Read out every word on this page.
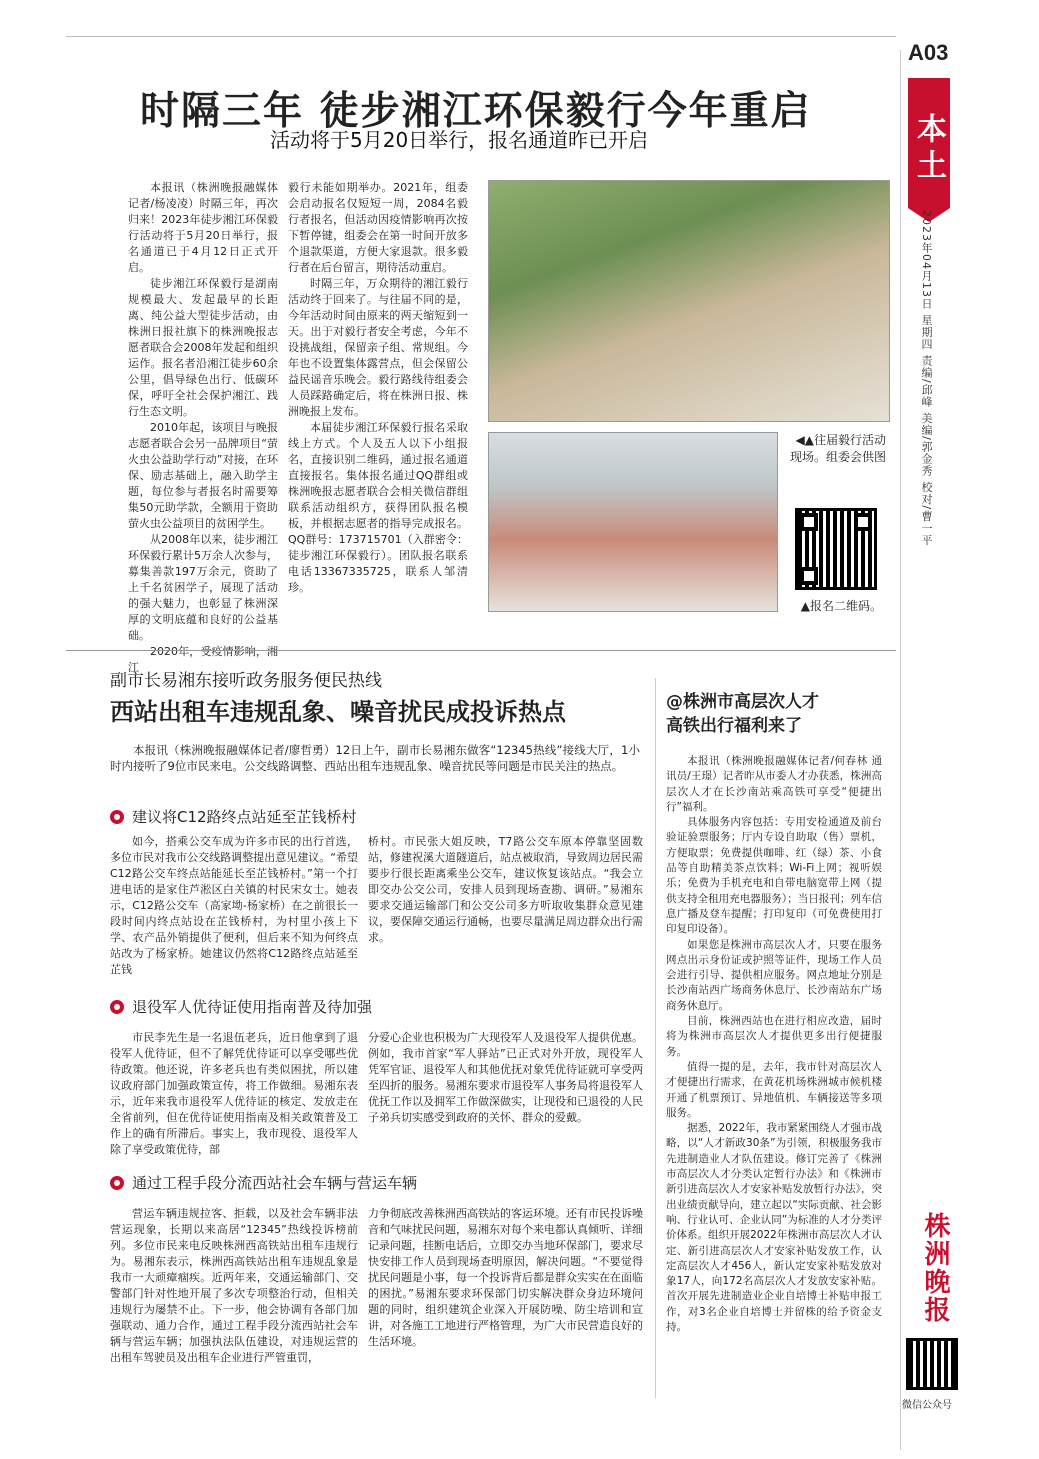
A03
本土
2023年04月13日 星期四 责编/邱峰 美编/郭金秀 校对/曹一平
时隔三年 徒步湘江环保毅行今年重启
活动将于5月20日举行，报名通道昨已开启

本报讯（株洲晚报融媒体记者/杨凌凌）时隔三年，再次归来！2023年徒步湘江环保毅行活动将于5月20日举行，报名通道已于4月12日正式开启。

徒步湘江环保毅行是湖南规模最大、发起最早的长距离、纯公益大型徒步活动，由株洲日报社旗下的株洲晚报志愿者联合会2008年发起和组织运作。报名者沿湘江徒步60余公里，倡导绿色出行、低碳环保，呼吁全社会保护湘江、践行生态文明。

2010年起，该项目与晚报志愿者联合会另一品牌项目“萤火虫公益助学行动”对接，在环保、励志基础上，融入助学主题，每位参与者报名时需要筹集50元助学款，全额用于资助萤火虫公益项目的贫困学生。

从2008年以来，徒步湘江环保毅行累计5万余人次参与，募集善款197万余元，资助了上千名贫困学子，展现了活动的强大魅力，也彰显了株洲深厚的文明底蕴和良好的公益基础。

2020年，受疫情影响，湘江

毅行未能如期举办。2021年，组委会启动报名仅短短一周，2084名毅行者报名，但活动因疫情影响再次按下暂停键，组委会在第一时间开放多个退款渠道，方便大家退款。很多毅行者在后台留言，期待活动重启。

时隔三年，万众期待的湘江毅行活动终于回来了。与往届不同的是，今年活动时间由原来的两天缩短到一天。出于对毅行者安全考虑，今年不设挑战组，保留亲子组、常规组。今年也不设置集体露营点，但会保留公益民谣音乐晚会。毅行路线待组委会人员踩路确定后，将在株洲日报、株洲晚报上发布。

本届徒步湘江环保毅行报名采取线上方式。个人及五人以下小组报名，直接识别二维码，通过报名通道直接报名。集体报名通过QQ群组或株洲晚报志愿者联合会相关微信群组联系活动组织方，获得团队报名模板，并根据志愿者的指导完成报名。QQ群号：173715701（入群密令：徒步湘江环保毅行）。团队报名联系电话13367335725，联系人邹清珍。

◀▲往届毅行活动现场。组委会供图
▲报名二维码。
副市长易湘东接听政务服务便民热线
西站出租车违规乱象、噪音扰民成投诉热点

本报讯（株洲晚报融媒体记者/廖哲勇）12日上午，副市长易湘东做客“12345热线”接线大厅，1小时内接听了9位市民来电。公交线路调整、西站出租车违规乱象、噪音扰民等问题是市民关注的热点。

建议将C12路终点站延至芷钱桥村

如今，搭乘公交车成为许多市民的出行首选，多位市民对我市公交线路调整提出意见建议。“希望C12路公交车终点站能延长至芷钱桥村。”第一个打进电话的是家住芦淞区白关镇的村民宋女士。她表示，C12路公交车（高家坳-杨家桥）在之前很长一段时间内终点站设在芷钱桥村，为村里小孩上下学、农产品外销提供了便利，但后来不知为何终点站改为了杨家桥。她建议仍然将C12路终点站延至芷钱

桥村。市民张大姐反映，T7路公交车原本停靠坚固数站，修建祝溪大道隧道后，站点被取消，导致周边居民需要步行很长距离乘坐公交车，建议恢复该站点。“我会立即交办公交公司，安排人员到现场查勘、调研。”易湘东要求交通运输部门和公交公司多方听取收集群众意见建议，要保障交通运行通畅，也要尽量满足周边群众出行需求。

退役军人优待证使用指南普及待加强

市民李先生是一名退伍老兵，近日他拿到了退役军人优待证，但不了解凭优待证可以享受哪些优待政策。他还说，许多老兵也有类似困扰，所以建议政府部门加强政策宣传，将工作做细。易湘东表示，近年来我市退役军人优待证的核定、发放走在全省前列，但在优待证使用指南及相关政策普及工作上的确有所滞后。事实上，我市现役、退役军人除了享受政策优待，部

分爱心企业也积极为广大现役军人及退役军人提供优惠。例如，我市首家“军人驿站”已正式对外开放，现役军人凭军官证、退役军人和其他优抚对象凭优待证就可享受两至四折的服务。易湘东要求市退役军人事务局将退役军人优抚工作以及拥军工作做深做实，让现役和已退役的人民子弟兵切实感受到政府的关怀、群众的爱戴。

通过工程手段分流西站社会车辆与营运车辆

营运车辆违规拉客、拒载，以及社会车辆非法营运现象，长期以来高居“12345”热线投诉榜前列。多位市民来电反映株洲西高铁站出租车违规行为。易湘东表示，株洲西高铁站出租车违规乱象是我市一大顽瘴痼疾。近两年来，交通运输部门、交警部门针对性地开展了多次专项整治行动，但相关违规行为屡禁不止。下一步，他会协调有各部门加强联动、通力合作，通过工程手段分流西站社会车辆与营运车辆；加强执法队伍建设，对违规运营的出租车驾驶员及出租车企业进行严管重罚，

力争彻底改善株洲西高铁站的客运环境。还有市民投诉噪音和气味扰民问题，易湘东对每个来电都认真倾听、详细记录问题，挂断电话后，立即交办当地环保部门，要求尽快安排工作人员到现场查明原因，解决问题。“不要觉得扰民问题是小事，每一个投诉背后都是群众实实在在面临的困扰。”易湘东要求环保部门切实解决群众身边环境问题的同时，组织建筑企业深入开展防噪、防尘培训和宣讲，对各施工工地进行严格管理，为广大市民营造良好的生活环境。

@株洲市高层次人才
高铁出行福利来了

本报讯（株洲晚报融媒体记者/何春林 通讯员/王璟）记者昨从市委人才办获悉，株洲高层次人才在长沙南站乘高铁可享受“便捷出行”福利。

具体服务内容包括：专用安检通道及前台验证验票服务；厅内专设自助取（售）票机，方便取票；免费提供咖啡、红（绿）茶、小食品等自助精美茶点饮料；Wi-Fi上网；视听娱乐；免费为手机充电和自带电脑宽带上网（提供支持全租用充电器服务）；当日报刊；列车信息广播及登车提醒；打印复印（可免费使用打印复印设备）。

如果您是株洲市高层次人才，只要在服务网点出示身份证或护照等证件，现场工作人员会进行引导、提供相应服务。网点地址分别是长沙南站西广场商务休息厅、长沙南站东广场商务休息厅。

目前，株洲西站也在进行相应改造，届时将为株洲市高层次人才提供更多出行便捷服务。

值得一提的是，去年，我市针对高层次人才便捷出行需求，在黄花机场株洲城市候机楼开通了机票预订、异地值机、车辆接送等多项服务。

据悉，2022年，我市紧紧围绕人才强市战略，以“人才新政30条”为引领，积极服务我市先进制造业人才队伍建设。修订完善了《株洲市高层次人才分类认定暂行办法》和《株洲市新引进高层次人才安家补贴发放暂行办法》，突出业绩贡献导向，建立起以“实际贡献、社会影响、行业认可、企业认同”为标准的人才分类评价体系。组织开展2022年株洲市高层次人才认定、新引进高层次人才安家补贴发放工作，认定高层次人才456人，新认定安家补贴发放对象17人，向172名高层次人才发放安家补贴。首次开展先进制造业企业自培博士补贴申报工作，对3名企业自培博士并留株的给予资金支持。

株洲晚报
微信公众号
